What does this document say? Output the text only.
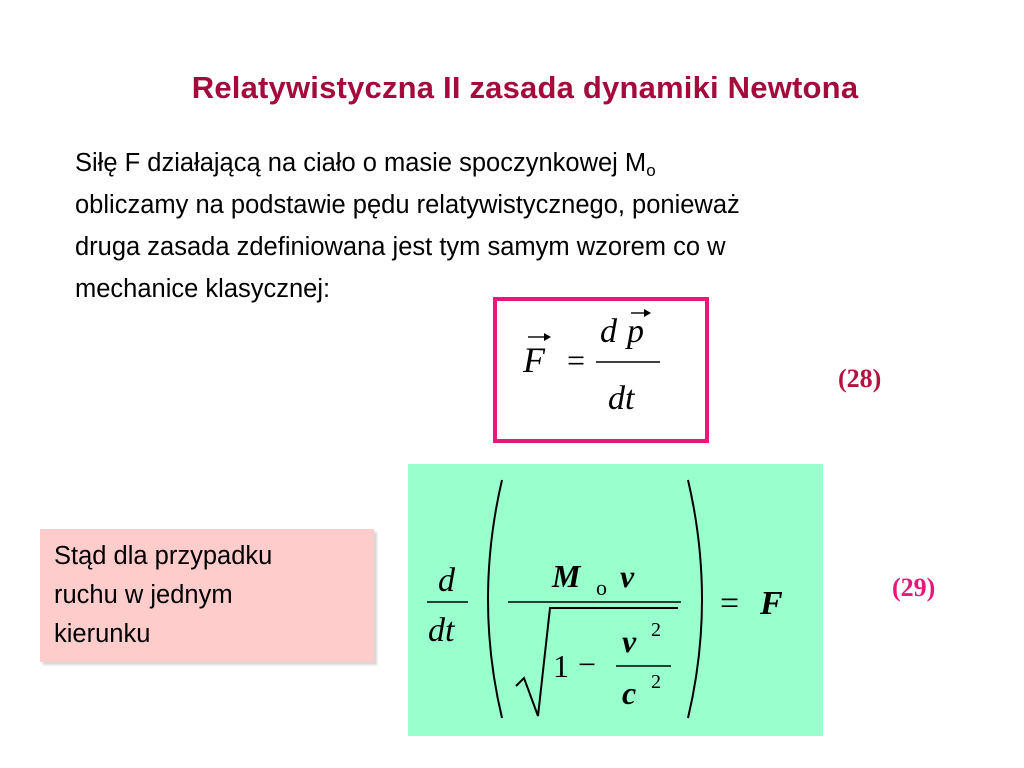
Relatywistyczna II zasada dynamiki Newtona
Siłę F działającą na ciało o masie spoczynkowej $M_o$
obliczamy na podstawie pędu relatywistycznego, ponieważ
druga zasada zdefiniowana jest tym samym wzorem co w
mechanice klasycznej:
F =
d p
dt
(28)
Stąd dla przypadku
ruchu w jednym
kierunku
d
dt
M o v
1 −
v 2
c 2
= F	(29)
